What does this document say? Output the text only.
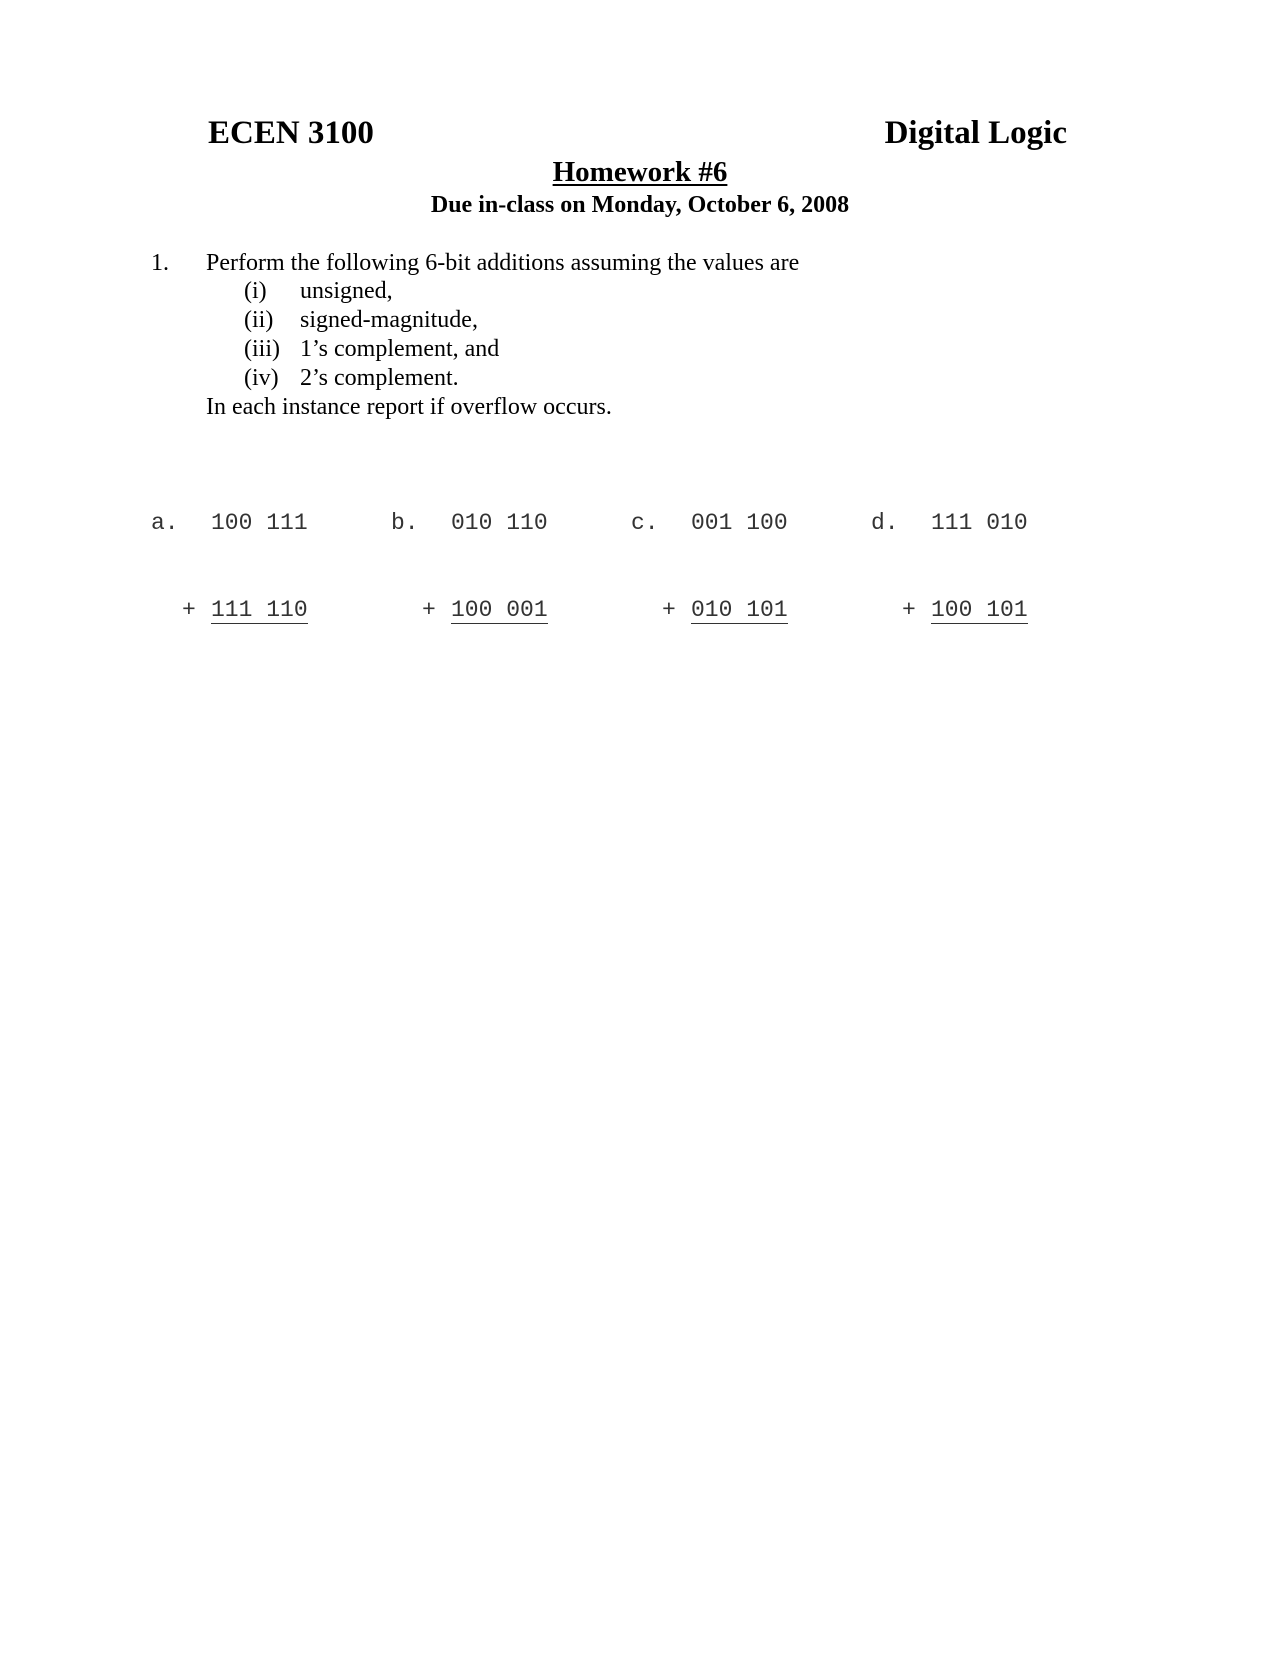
ECEN 3100	Digital Logic
Homework #6
Due in-class on Monday, October 6, 2008
1. Perform the following 6-bit additions assuming the values are
(i) unsigned,
(ii) signed-magnitude,
(iii) 1’s complement, and
(iv) 2’s complement.
In each instance report if overflow occurs.

a. 100 111

+ 111 110

b. 010 110

+ 100 001

c. 001 100

+ 010 101

d. 111 010

+ 100 101
